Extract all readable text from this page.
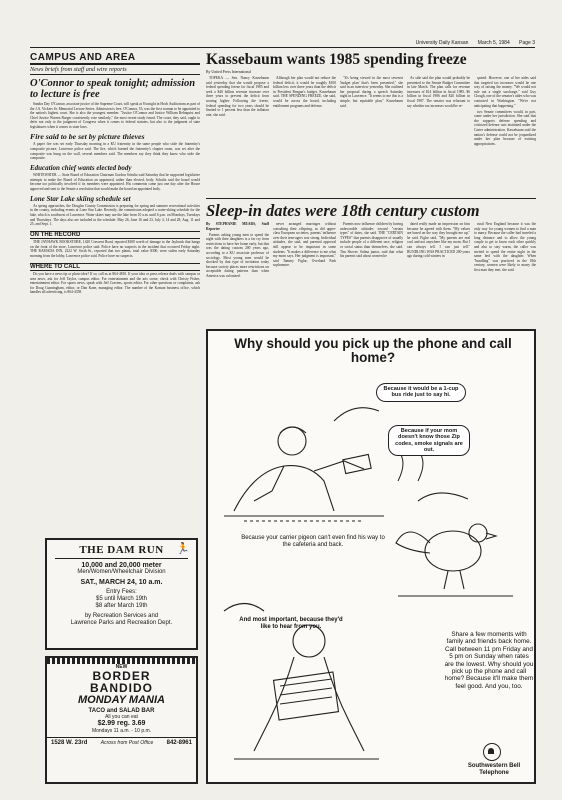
University Daily Kansan March 5, 1984 Page 3
CAMPUS AND AREA
News briefs from staff and wire reports
O'Connor to speak tonight; admission to lecture is free

Sandra Day O'Connor, associate justice of the Supreme Court, will speak at 8 tonight in Hoch Auditorium as part of the J.A. Vickers Sr. Memorial Lecture Series. Admission is free. O'Connor, 53, was the first woman to be appointed to the nation's highest court. She is also the youngest member. "Justice O'Connor and Justice William Rehnquist and Chief Justice Warren Burger consistently vote similarly," the most recent study found. The court, they said, ought to defer not only to the judgment of Congress when it comes to federal statutes, but also to the judgment of state legislatures when it comes to state laws.

Fire said to be set by picture thieves

A paper fire was set early Thursday morning in a KU fraternity in the same people who stole the fraternity's composite picture, Lawrence police said. The fire, which burned the fraternity's chapter room, was set after the composite was hung on the wall, several members said. The members say they think they know who stole the composite.

Education chief wants elected body

WHITEWATER — State Board of Education Chairman Gordon Schultz said Saturday that he supported legislative attempts to make the Board of Education an appointed, rather than elected, body. Schultz said the board would become too politically involved if its members were appointed. His comments came just one day after the House approved and sent to the Senate a resolution that would make the board an appointed body.

Lone Star Lake skiing schedule set

As spring approaches, the Douglas County Commission is preparing for spring and summer recreational activities in the county, including events at Lone Star Lake. Recently, the commission adopted a water-skiing schedule for the lake, which is southwest of Lawrence. Water skiers may use the lake from 10 a.m. until 6 p.m. on Mondays, Tuesdays and Thursdays. The days also are included in the schedule: May 26, June 16 and 23, July 4, 14 and 28, Aug. 11 and 25, and Sept. 1.

ON THE RECORD

THE JAYHAWK BOOKSTORE, 1420 Crescent Road, reported $300 worth of damage to the Jayhawk that hangs on the front of the store, Lawrence police said. Police have no suspects in the incident that occurred Friday night. THE RAMADA INN, 2222 W. Sixth St., reported that two plants, total value $300, were stolen early Saturday morning from the lobby, Lawrence police said. Police have no suspects.

WHERE TO CALL

Do you have a news tip or photo idea? If so, call us at 864-4810. If your idea or press release deals with campus or area news, ask for Jeff Taylor, campus editor. For entertainment and the arts scene, check with Christy Fisher, entertainment editor. For sports news, speak with Jeff Cravens, sports editor. For other questions or complaints, ask for Doug Cunningham, editor, or Dan Kane, managing editor. The number of the Kansan business office, which handles all advertising, is 864-4358.

🏃
THE DAM RUN
10,000 and 20,000 meter
Men/Women/Wheelchair Division
SAT., MARCH 24, 10 a.m.
Entry Fees:
$5 until March 19th
$8 after March 19th
by Recreation Services and
Lawrence Parks and Recreation Dept.
NEW
BORDER
BANDIDO
MONDAY MANIA
TACO and SALAD BAR
All you can eat
$2.99 reg. 3.69
Mondays 11 a.m. - 10 p.m.
1528 W. 23rd	Across from Post Office 842-8961
Kassebaum wants 1985 spending freeze
By United Press International

TOPEKA — Sen. Nancy Kassebaum said yesterday that she would propose a federal spending freeze for fiscal 1985 and seek a $40 billion revenue increase over three years to prevent the deficit from soaring higher. Following the freeze, federal spending for two years should be limited to 1 percent less than the inflation rate, she said.

Although her plan would not reduce the federal deficit, it would be roughly $100 billion less over three years than the deficit in President Reagan's budget, Kassebaum said. THE SPENDING FREEZE, she said, would be across the board, including entitlement programs and defense.

"It's being viewed in the most severest 'budget plan' that's been presented," she said in an interview yesterday. She outlined her proposal during a speech Saturday night in Lawrence. "It seems to me this is a simple, but equitable plan," Kassebaum said.

As side said the plan would probably be presented to the Senate Budget Committee in late March. The plan calls for revenue increases of $14 billion in fiscal 1985, $6 billion in fiscal 1986 and $20 billion in fiscal 1987. The senator was reluctant to say whether tax increases would be re-

quired. However, one of her aides said that targeted tax increases would be one way of raising the money. "We would not rule out a single surcharge," said Guy Clough, one of the senator's aides who was contacted in Washington. "We're not anticipating that happening."

two Senate committees would, in part, come under her jurisdiction. She said that she supports defense spending and criticized defense cuts instituted under the Carter administration. Kassebaum said the nation's defense could not be jeopardized under her plan because of existing appropriations.

Sleep-in dates were 18th century custom

By STEPHANIE MEARS, Staff Reporter

Parents asking young men to spend the night with their daughters is a far cry from restrictions to have her home early, but that was the dating custom 200 years ago, according to a KU associate professor of sociology. Most young men would be shocked by that type of invitation today because society places more restrictions on acceptable dating patterns than when America was colonized.

never arranged marriages without consulting their offspring, as did upper-class European societies, parents' influence over their teen-agers was strong. Individual attitudes, she said, and parental approval still appear to be important in some students. "It makes a difference to me what my mom says. Her judgment is important," said Tammy Figlar, Overland Park sophomore.

Parents now influence children by having unfavorable attitudes toward "certain types" of dates, she said. THE "CERTAIN TYPES" that parents disapprove of usually include people of a different race, religion or social status than themselves, she said. Tim Shover, Salina junior, said that what his parents said about women he

dated really made an impression on him because he agreed with them. "My values are based on the way they brought me up," he said. Figlar said, "My parents are real cool and not anywhere like my mom. But I can always tell. I can just tell." BUNDLING WAS PRACTICED 200 years ago during cold winters in

rural New England because it was the only way for young women to find a man to marry. Because the caller had traveled a long distance and to allow the young couple to get to know each other quickly and also to stay warm, the caller was invited to spend the entire night in the same bed with the daughter. When "bundling" was practiced in the 18th century, women were likely to marry the first man they met, she said.

Why should you pick up the phone and call home?
Because it would be a 1-cup bus ride just to say hi.
Because if your mom doesn't know those Zip codes, smoke signals are out.
Because your carrier pigeon can't even find his way to the cafeteria and back.
And most important, because they'd like to hear from you.
Share a few moments with family and friends back home. Call between 11 pm Friday and 5 pm on Sunday when rates are the lowest. Why should you pick up the phone and call home? Because it'll make them feel good. And you, too.
Southwestern Bell
Telephone
